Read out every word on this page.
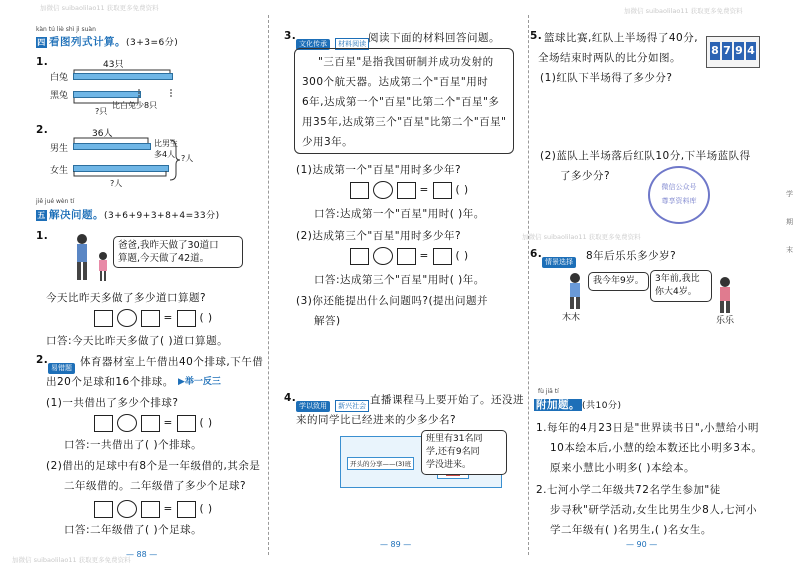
加微信 suibaolilao11 获取更多免费资料
kàn tú liè shì jì suàn
四 看图列式计算。(3+3=6分)
1.	43只
白兔
黑兔
比白兔少8只
?只
2.	36人
男生
比男生
多4人
女生
?人
?人
jiě jué wèn tí
五 解决问题。(3+6+9+3+8+4=33分)
1.
爸爸,我昨天做了30道口
算题,今天做了42道。
今天比昨天多做了多少道口算题?
=	( )
口答:今天比昨天多做了( )道口算题。
2.
易错题 体育器材室上午借出40个排球,下午借
出20个足球和16个排球。 ▶举一反三
(1)一共借出了多少个排球?
=	( )
口答:一共借出了( )个排球。
(2)借出的足球中有8个是一年级借的,其余是
二年级借的。二年级借了多少个足球?
=	( )
口答:二年级借了( )个足球。
— 88 —
加微信 suibaolilao11 获取更多免费资料
3.
文化传承 材料阅读 阅读下面的材料回答问题。
"三百星"是指我国研制并成功发射的
300个航天器。达成第二个"百星"用时
6年,达成第一个"百星"比第二个"百星"多
用35年,达成第三个"百星"比第二个"百星"
少用3年。
(1)达成第一个"百星"用时多少年?
=	( )
口答:达成第一个"百星"用时( )年。
(2)达成第三个"百星"用时多少年?
=	( )
口答:达成第三个"百星"用时( )年。
(3)你还能提出什么问题吗?(提出问题并
解答)
4.
学以致用 新兴社会 直播课程马上要开始了。还没进
来的同学比已经进来的少多少名?
开头的分享——(3)班
班里有31名同
学,还有9名同
学没进来。
— 89 —
加微信 suibaolilao11 获取更多免费资料
5. 篮球比赛,红队上半场得了40分,
全场结束时两队的比分如图。
8 7 9 4
(1)红队下半场得了多少分?
(2)蓝队上半场落后红队10分,下半场蓝队得
了多少分?
微信公众号
尊享资料库
加微信 suibaolilao11 获取更多免费资料
6.
情景选择 8年后乐乐多少岁?
我今年9岁。
木木
3年前,我比
你大4岁。
乐乐
fù jiā tí
附加题。 (共10分)
1.每年的4月23日是"世界读书日",小慧给小明
10本绘本后,小慧的绘本数还比小明多3本。
原来小慧比小明多( )本绘本。
2.七河小学二年级共72名学生参加"徒
步寻秋"研学活动,女生比男生少8人,七河小
学二年级有( )名男生,( )名女生。
— 90 —
学 期 末
